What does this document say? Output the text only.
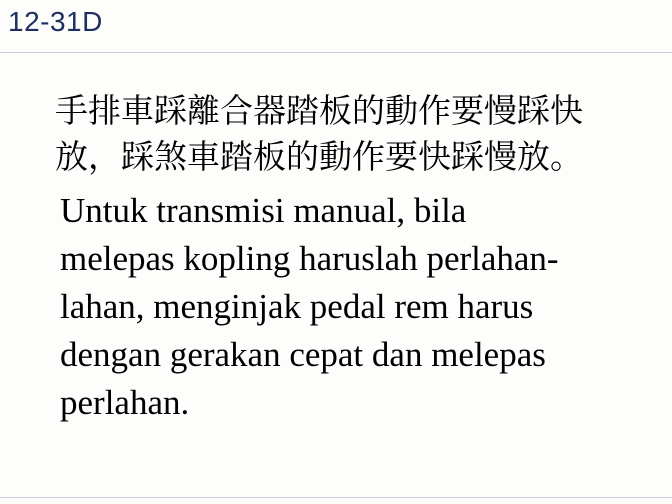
12-31D
手排車踩離合器踏板的動作要慢踩快
放，踩煞車踏板的動作要快踩慢放。
Untuk transmisi manual, bila
melepas kopling haruslah perlahan-
lahan, menginjak pedal rem harus
dengan gerakan cepat dan melepas
perlahan.
